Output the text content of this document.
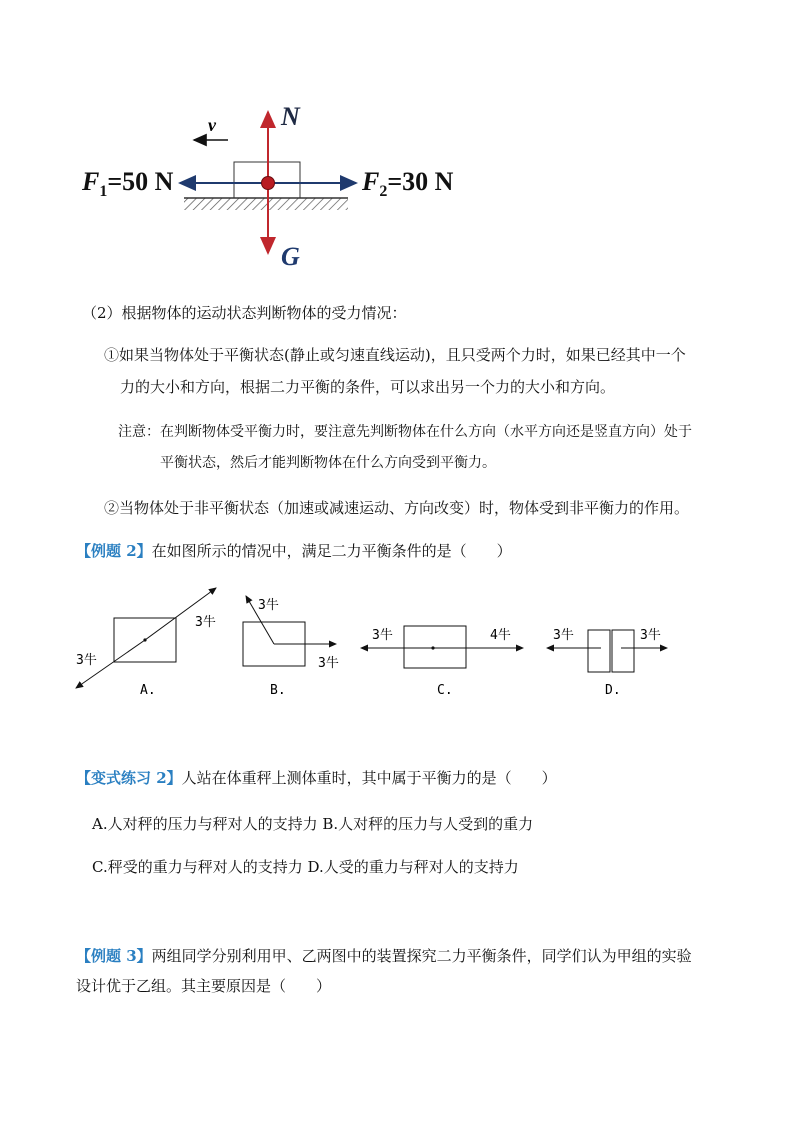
v	N
G
$F_1=50$ N	$F_2=30$ N
（2）根据物体的运动状态判断物体的受力情况：
①如果当物体处于平衡状态(静止或匀速直线运动)，且只受两个力时，如果已经其中一个
力的大小和方向，根据二力平衡的条件，可以求出另一个力的大小和方向。
注意：在判断物体受平衡力时，要注意先判断物体在什么方向（水平方向还是竖直方向）处于
平衡状态，然后才能判断物体在什么方向受到平衡力。
②当物体处于非平衡状态（加速或减速运动、方向改变）时，物体受到非平衡力的作用。
【例题 2】在如图所示的情况中，满足二力平衡条件的是（　　）
3牛
3牛
A.
3牛
3牛
B.
3牛	4牛
C.
3牛	3牛
D.
【变式练习 2】人站在体重秤上测体重时，其中属于平衡力的是（　　）
A.人对秤的压力与秤对人的支持力 B.人对秤的压力与人受到的重力
C.秤受的重力与秤对人的支持力 D.人受的重力与秤对人的支持力
【例题 3】两组同学分别利用甲、乙两图中的装置探究二力平衡条件，同学们认为甲组的实验
设计优于乙组。其主要原因是（　　）
